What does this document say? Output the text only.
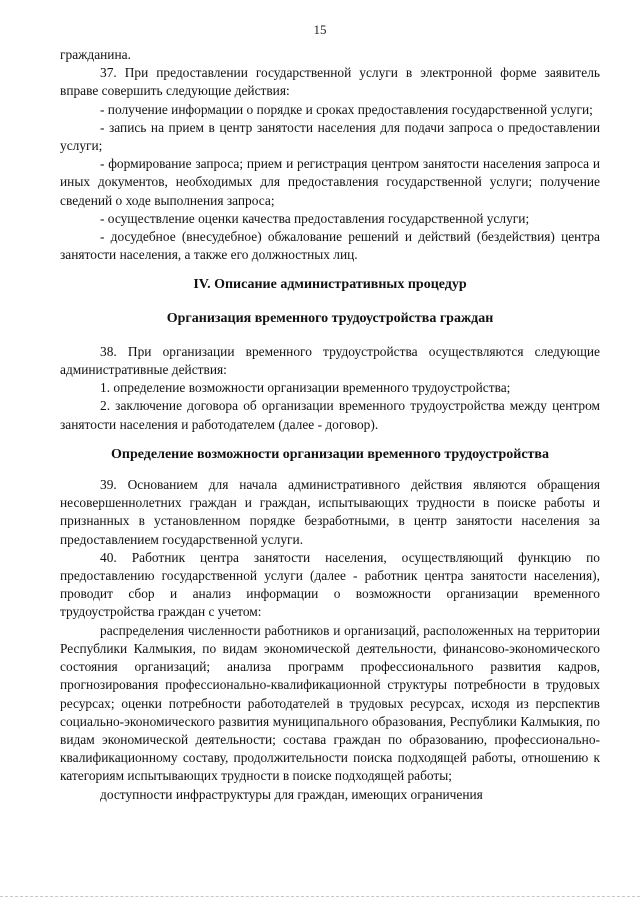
15

гражданина.

37. При предоставлении государственной услуги в электронной форме заявитель вправе совершить следующие действия:

- получение информации о порядке и сроках предоставления государственной услуги;

- запись на прием в центр занятости населения для подачи запроса о предоставлении услуги;

- формирование запроса; прием и регистрация центром занятости населения запроса и иных документов, необходимых для предоставления государственной услуги; получение сведений о ходе выполнения запроса;

- осуществление оценки качества предоставления государственной услуги;

- досудебное (внесудебное) обжалование решений и действий (бездействия) центра занятости населения, а также его должностных лиц.

IV. Описание административных процедур

Организация временного трудоустройства граждан

38. При организации временного трудоустройства осуществляются следующие административные действия:

1. определение возможности организации временного трудоустройства;

2. заключение договора об организации временного трудоустройства между центром занятости населения и работодателем (далее - договор).

Определение возможности организации временного трудоустройства

39. Основанием для начала административного действия являются обращения несовершеннолетних граждан и граждан, испытывающих трудности в поиске работы и признанных в установленном порядке безработными, в центр занятости населения за предоставлением государственной услуги.

40. Работник центра занятости населения, осуществляющий функцию по предоставлению государственной услуги (далее - работник центра занятости населения), проводит сбор и анализ информации о возможности организации временного трудоустройства граждан с учетом:

распределения численности работников и организаций, расположенных на территории Республики Калмыкия, по видам экономической деятельности, финансово-экономического состояния организаций; анализа программ профессионального развития кадров, прогнозирования профессионально-квалификационной структуры потребности в трудовых ресурсах; оценки потребности работодателей в трудовых ресурсах, исходя из перспектив социально-экономического развития муниципального образования, Республики Калмыкия, по видам экономической деятельности; состава граждан по образованию, профессионально-квалификационному составу, продолжительности поиска подходящей работы, отношению к категориям испытывающих трудности в поиске подходящей работы;

доступности инфраструктуры для граждан, имеющих ограничения
